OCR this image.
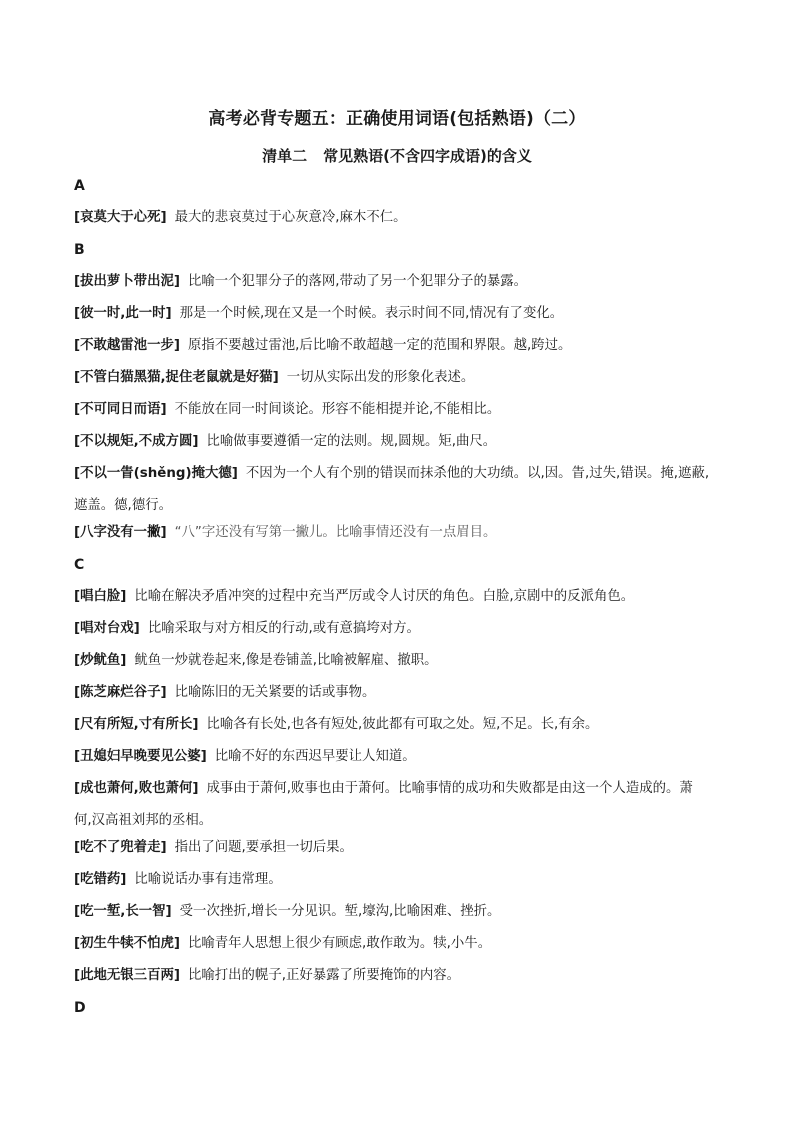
高考必背专题五：正确使用词语(包括熟语)（二）
清单二 常见熟语(不含四字成语)的含义
A
[哀莫大于心死] 最大的悲哀莫过于心灰意冷,麻木不仁。
B
[拔出萝卜带出泥] 比喻一个犯罪分子的落网,带动了另一个犯罪分子的暴露。
[彼一时,此一时] 那是一个时候,现在又是一个时候。表示时间不同,情况有了变化。
[不敢越雷池一步] 原指不要越过雷池,后比喻不敢超越一定的范围和界限。越,跨过。
[不管白猫黑猫,捉住老鼠就是好猫] 一切从实际出发的形象化表述。
[不可同日而语] 不能放在同一时间谈论。形容不能相提并论,不能相比。
[不以规矩,不成方圆] 比喻做事要遵循一定的法则。规,圆规。矩,曲尺。
[不以一眚(shěng)掩大德] 不因为一个人有个别的错误而抹杀他的大功绩。以,因。眚,过失,错误。掩,遮蔽,
遮盖。德,德行。
[八字没有一撇] “八”字还没有写第一撇儿。比喻事情还没有一点眉目。
C
[唱白脸] 比喻在解决矛盾冲突的过程中充当严厉或令人讨厌的角色。白脸,京剧中的反派角色。
[唱对台戏] 比喻采取与对方相反的行动,或有意搞垮对方。
[炒鱿鱼] 鱿鱼一炒就卷起来,像是卷铺盖,比喻被解雇、撤职。
[陈芝麻烂谷子] 比喻陈旧的无关紧要的话或事物。
[尺有所短,寸有所长] 比喻各有长处,也各有短处,彼此都有可取之处。短,不足。长,有余。
[丑媳妇早晚要见公婆] 比喻不好的东西迟早要让人知道。
[成也萧何,败也萧何] 成事由于萧何,败事也由于萧何。比喻事情的成功和失败都是由这一个人造成的。萧
何,汉高祖刘邦的丞相。
[吃不了兜着走] 指出了问题,要承担一切后果。
[吃错药] 比喻说话办事有违常理。
[吃一堑,长一智] 受一次挫折,增长一分见识。堑,壕沟,比喻困难、挫折。
[初生牛犊不怕虎] 比喻青年人思想上很少有顾虑,敢作敢为。犊,小牛。
[此地无银三百两] 比喻打出的幌子,正好暴露了所要掩饰的内容。
D
